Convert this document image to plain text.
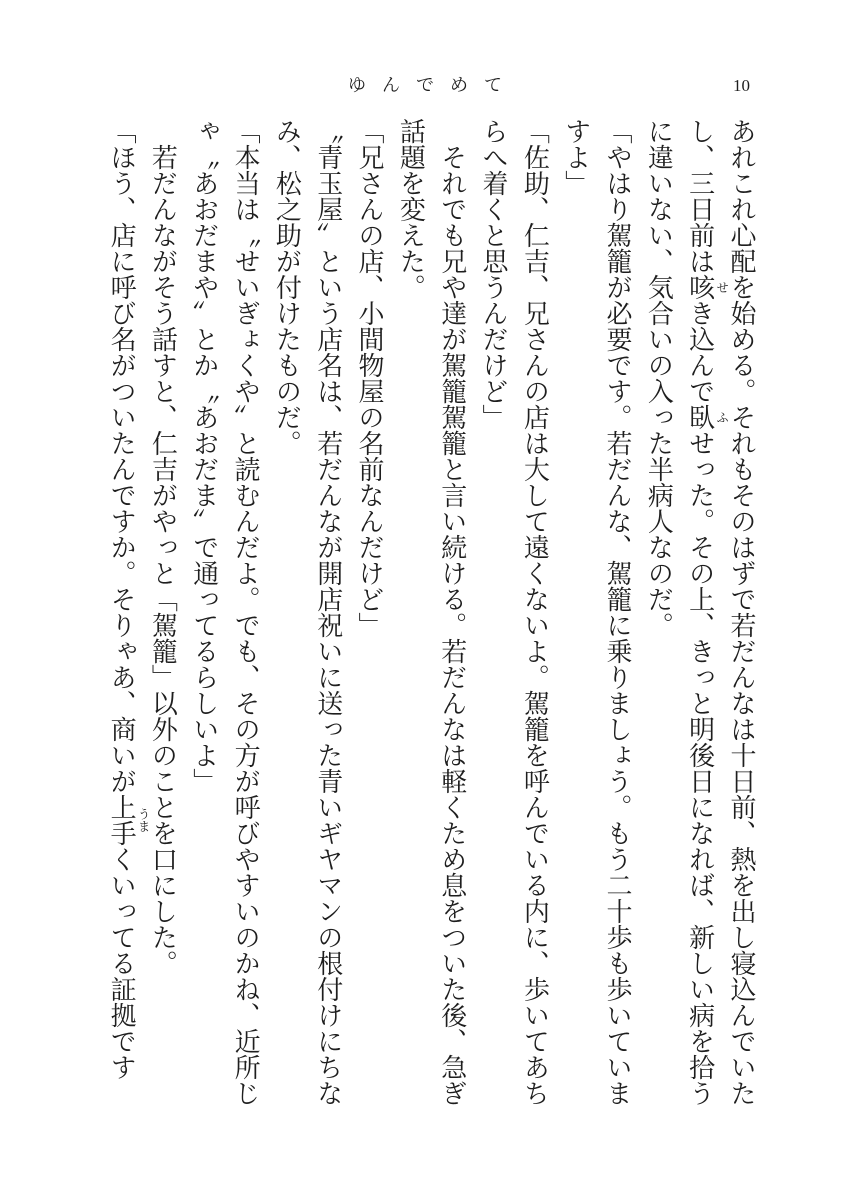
ゆんでめて	10
あれこれ心配を始める。それもそのはずで若だんなは十日前、熱を出し寝込んでいた
し、三日前は咳 せ
き込んで臥 ふ
せった。その上、きっと明後日になれば、新しい病を拾う
に違いない、気合いの入った半病人なのだ。
「やはり駕籠が必要です。若だんな、駕籠に乗りましょう。もう二十歩も歩いていま
すよ」
「佐助、仁吉、兄さんの店は大して遠くないよ。駕籠を呼んでいる内に、歩いてあち
らへ着くと思うんだけど」
それでも兄や達が駕籠駕籠と言い続ける。若だんなは軽くため息をついた後、急ぎ
話題を変えた。
「兄さんの店、小間物屋の名前なんだけど」
〝青玉屋〟という店名は、若だんなが開店祝いに送った青いギヤマンの根付けにちな
み、松之助が付けたものだ。
「本当は〝せいぎょくや〟と読むんだよ。でも、その方が呼びやすいのかね、近所じ
ゃ〝あおだまや〟とか〝あおだま〟で通ってるらしいよ」
若だんながそう話すと、仁吉がやっと「駕籠」以外のことを口にした。
「ほう、店に呼び名がついたんですか。そりゃあ、商いが上手 うま
くいってる証拠です
